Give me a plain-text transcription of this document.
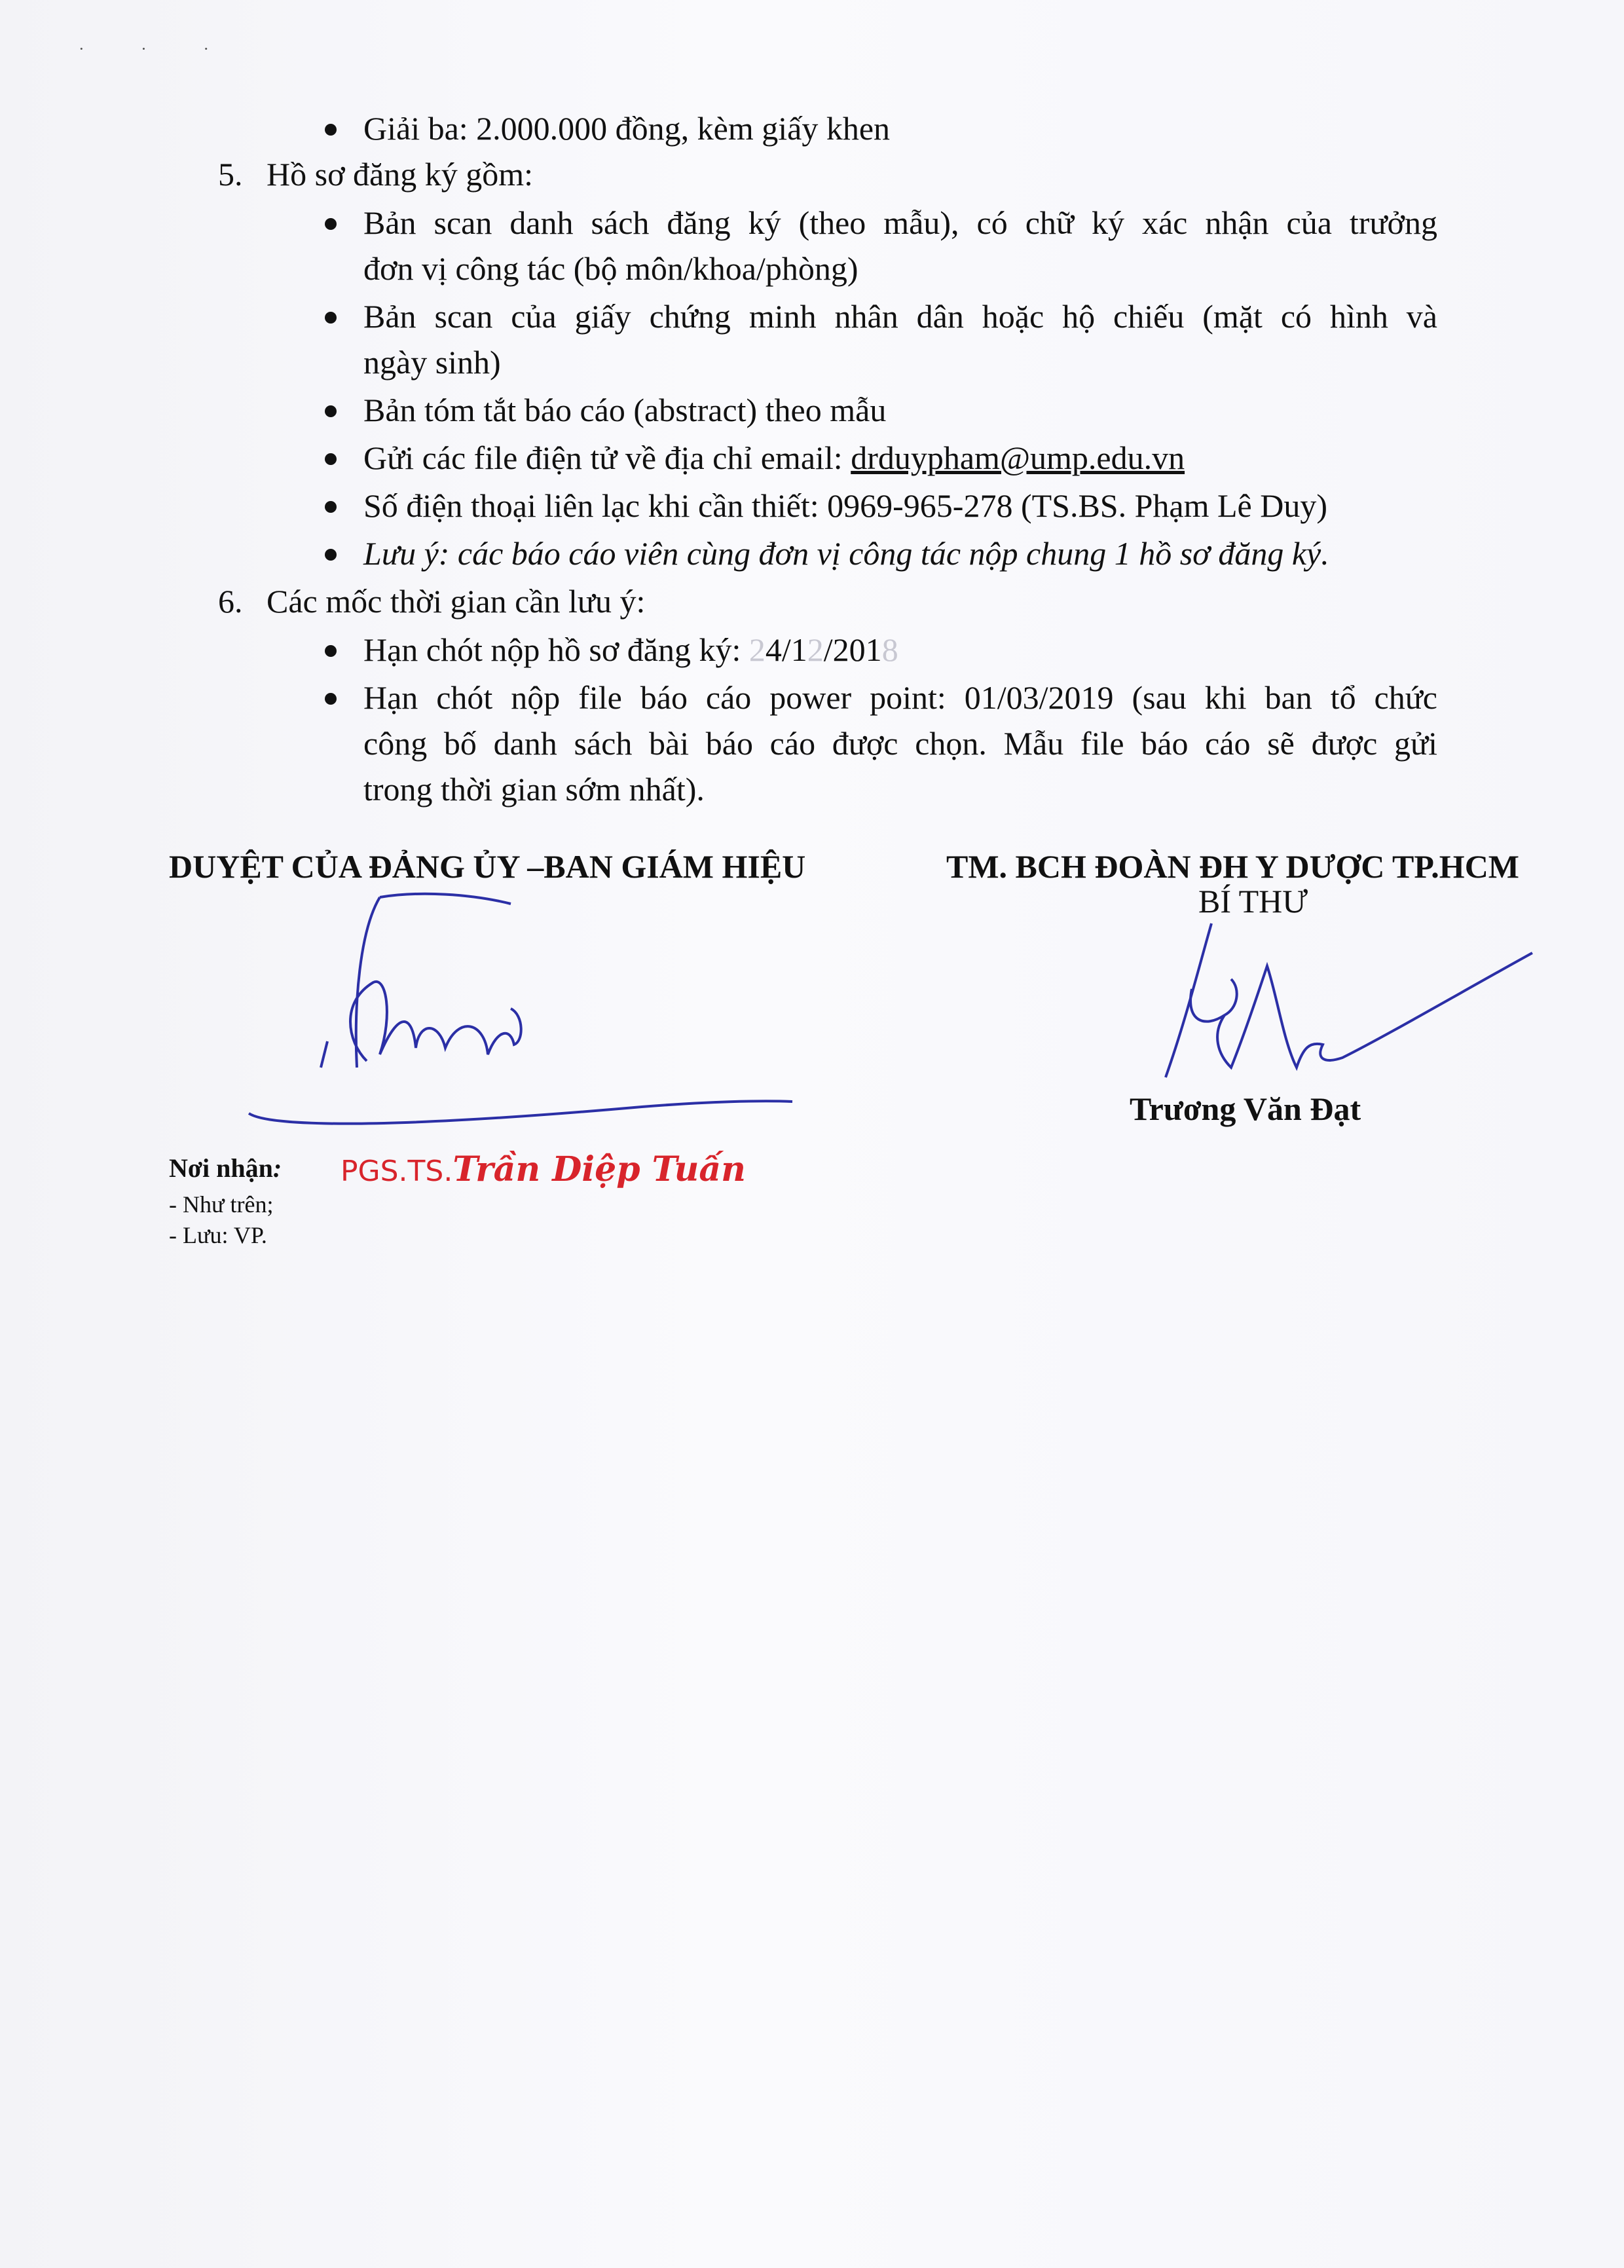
· · ·
Giải ba: 2.000.000 đồng, kèm giấy khen
5. Hồ sơ đăng ký gồm:
Bản scan danh sách đăng ký (theo mẫu), có chữ ký xác nhận của trưởng
đơn vị công tác (bộ môn/khoa/phòng)
Bản scan của giấy chứng minh nhân dân hoặc hộ chiếu (mặt có hình và
ngày sinh)
Bản tóm tắt báo cáo (abstract) theo mẫu
Gửi các file điện tử về địa chỉ email: drduypham@ump.edu.vn
Số điện thoại liên lạc khi cần thiết: 0969-965-278 (TS.BS. Phạm Lê Duy)
Lưu ý: các báo cáo viên cùng đơn vị công tác nộp chung 1 hồ sơ đăng ký.
6. Các mốc thời gian cần lưu ý:
Hạn chót nộp hồ sơ đăng ký: 24/12/2018
Hạn chót nộp file báo cáo power point: 01/03/2019 (sau khi ban tổ chức
công bố danh sách bài báo cáo được chọn. Mẫu file báo cáo sẽ được gửi
trong thời gian sớm nhất).
DUYỆT CỦA ĐẢNG ỦY –BAN GIÁM HIỆU
Nơi nhận:
- Như trên;
- Lưu: VP.
PGS.TS.Trần Diệp Tuấn
TM. BCH ĐOÀN ĐH Y DƯỢC TP.HCM
BÍ THƯ
Trương Văn Đạt
